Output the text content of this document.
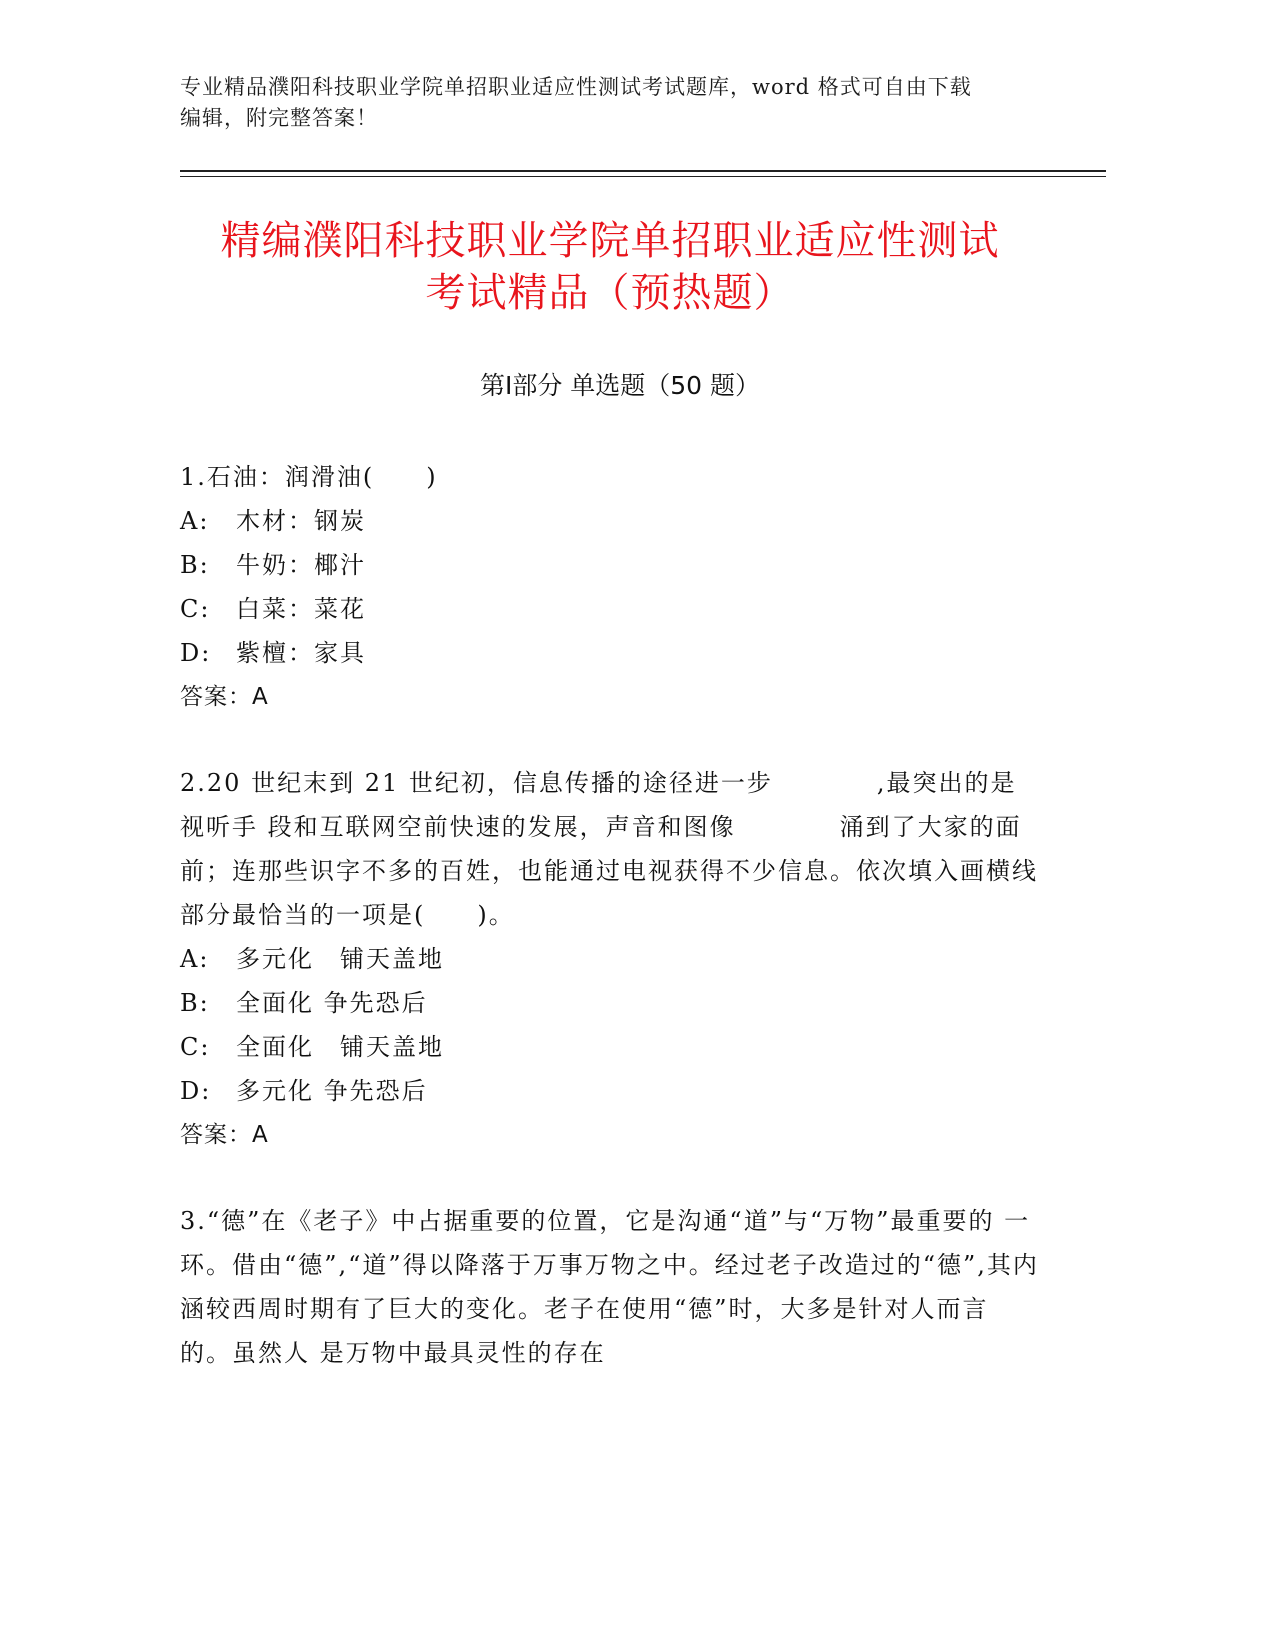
专业精品濮阳科技职业学院单招职业适应性测试考试题库，word 格式可自由下载
编辑，附完整答案！
精编濮阳科技职业学院单招职业适应性测试
考试精品（预热题）
第Ⅰ部分 单选题（50 题）
1.石油：润滑油(　　)
A:	木材：钢炭
B:	牛奶：椰汁
C:	白菜：菜花
D:	紫檀：家具
答案：A
2.20 世纪末到 21 世纪初，信息传播的途径进一步　　　　,最突出的是视听手 段和互联网空前快速的发展，声音和图像　　　　涌到了大家的面前；连那些识字不多的百姓，也能通过电视获得不少信息。依次填入画横线部分最恰当的一项是(　　)。
A:	多元化　铺天盖地
B:	全面化 争先恐后
C:	全面化　铺天盖地
D:	多元化 争先恐后
答案：A
3.“德”在《老子》中占据重要的位置，它是沟通“道”与“万物”最重要的 一环。借由“德”,“道”得以降落于万事万物之中。经过老子改造过的“德”,其内 涵较西周时期有了巨大的变化。老子在使用“德”时，大多是针对人而言的。虽然人 是万物中最具灵性的存在
